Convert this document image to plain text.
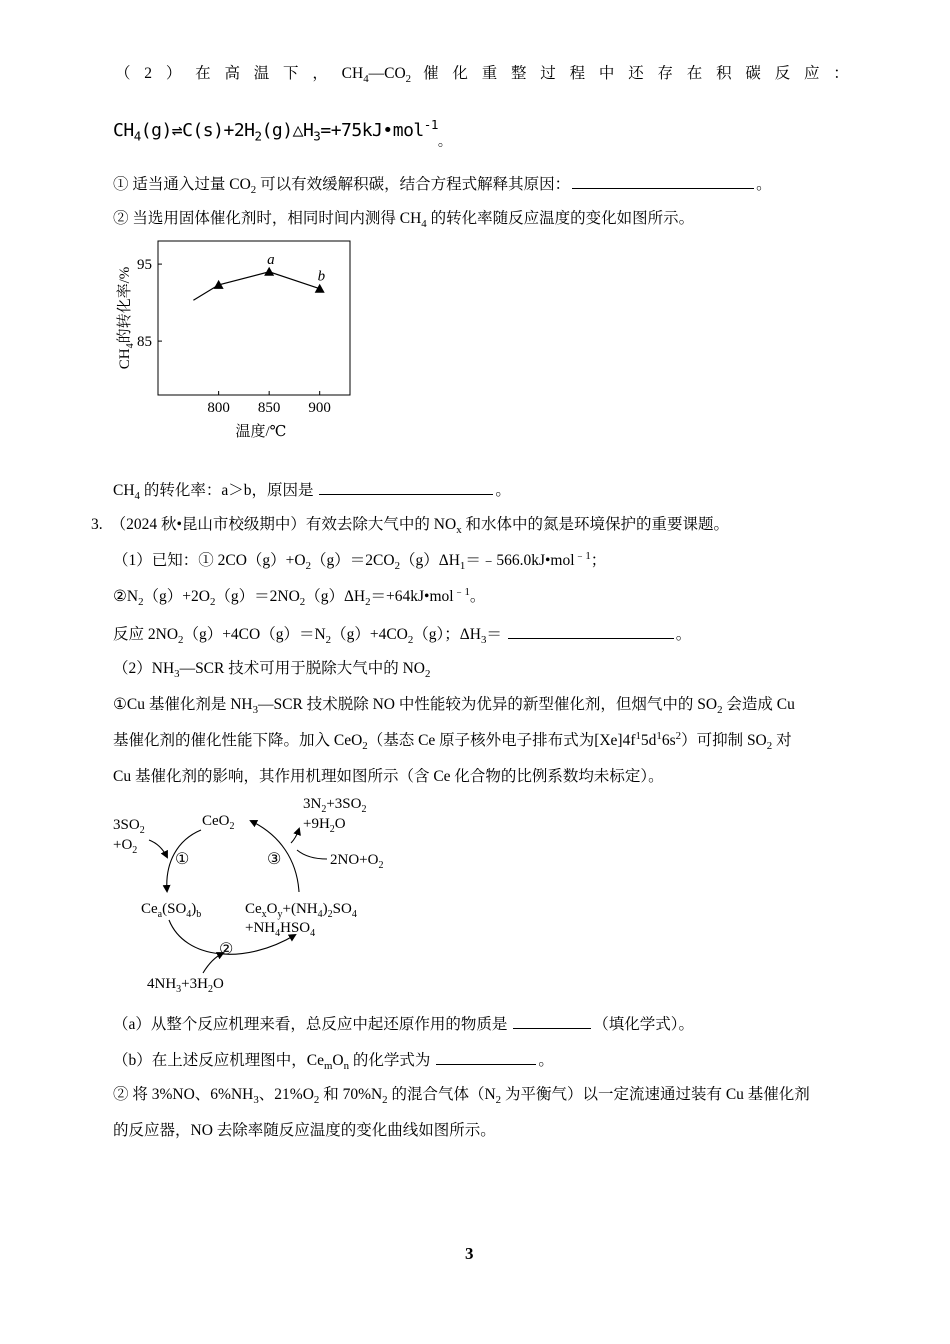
（2）在高温下，$CH_4—CO_2$ 催化重整过程中还存在积碳反应：
$CH_4(g)\rightleftharpoons C(s)+2H_2(g)\triangle H_3=+75kJ•mol^{-1}_。$
① 适当通入过量 $CO_2$ 可以有效缓解积碳，结合方程式解释其原因：	。
② 当选用固体催化剂时，相同时间内测得 $CH_4$ 的转化率随反应温度的变化如图所示。
a
b
800 850 900
85
95
温度/℃
$CH_4$的转化率/%
$CH_4$ 的转化率：a＞b，原因是	。
3. （2024 秋•昆山市校级期中）有效去除大气中的 $NO_x$ 和水体中的氮是环境保护的重要课题。
（1）已知：① $2CO(g)+O_2(g)=2CO_2(g)\Delta H_1=﹣566.0kJ•mol^{﹣1}$；
$②N_2(g)+2O_2(g)=2NO_2(g)\Delta H_2=+64kJ•mol^{﹣1}$。
反应 $2NO_2(g)+4CO(g)=N_2(g)+4CO_2(g)$；$\Delta H_3=$	。
$(2)NH_3—SCR$ 技术可用于脱除大气中的 $NO_2$
①Cu 基催化剂是 $NH_3—SCR$ 技术脱除 NO 中性能较为优异的新型催化剂，但烟气中的 $SO_2$ 会造成 Cu
基催化剂的催化性能下降。加入 CeO$_2$（基态 Ce 原子核外电子排布式为$[Xe]4f^15d^16s^2$）可抑制 $SO_2$ 对
Cu 基催化剂的影响，其作用机理如图所示（含 Ce 化合物的比例系数均未标定）。
$3SO_2$
$+O_2$
CeO$_2$
$3N_2+3SO_2$
$+9H_2O$
$2NO+O_2$
①	③
②
$Ce_a(SO_4)_b$	$Ce_xO_y+(NH_4)_2SO_4$
$+NH_4HSO_4$
$4NH_3+3H_2O$
（a）从整个反应机理来看，总反应中起还原作用的物质是	（填化学式）。
（b）在上述反应机理图中，$Ce_mO_n$ 的化学式为	。
② 将 3%NO、$6\%NH_3$、$21\%O_2$ 和 $70\%N_2$ 的混合气体（$N_2$ 为平衡气）以一定流速通过装有 Cu 基催化剂
的反应器，NO 去除率随反应温度的变化曲线如图所示。
3
